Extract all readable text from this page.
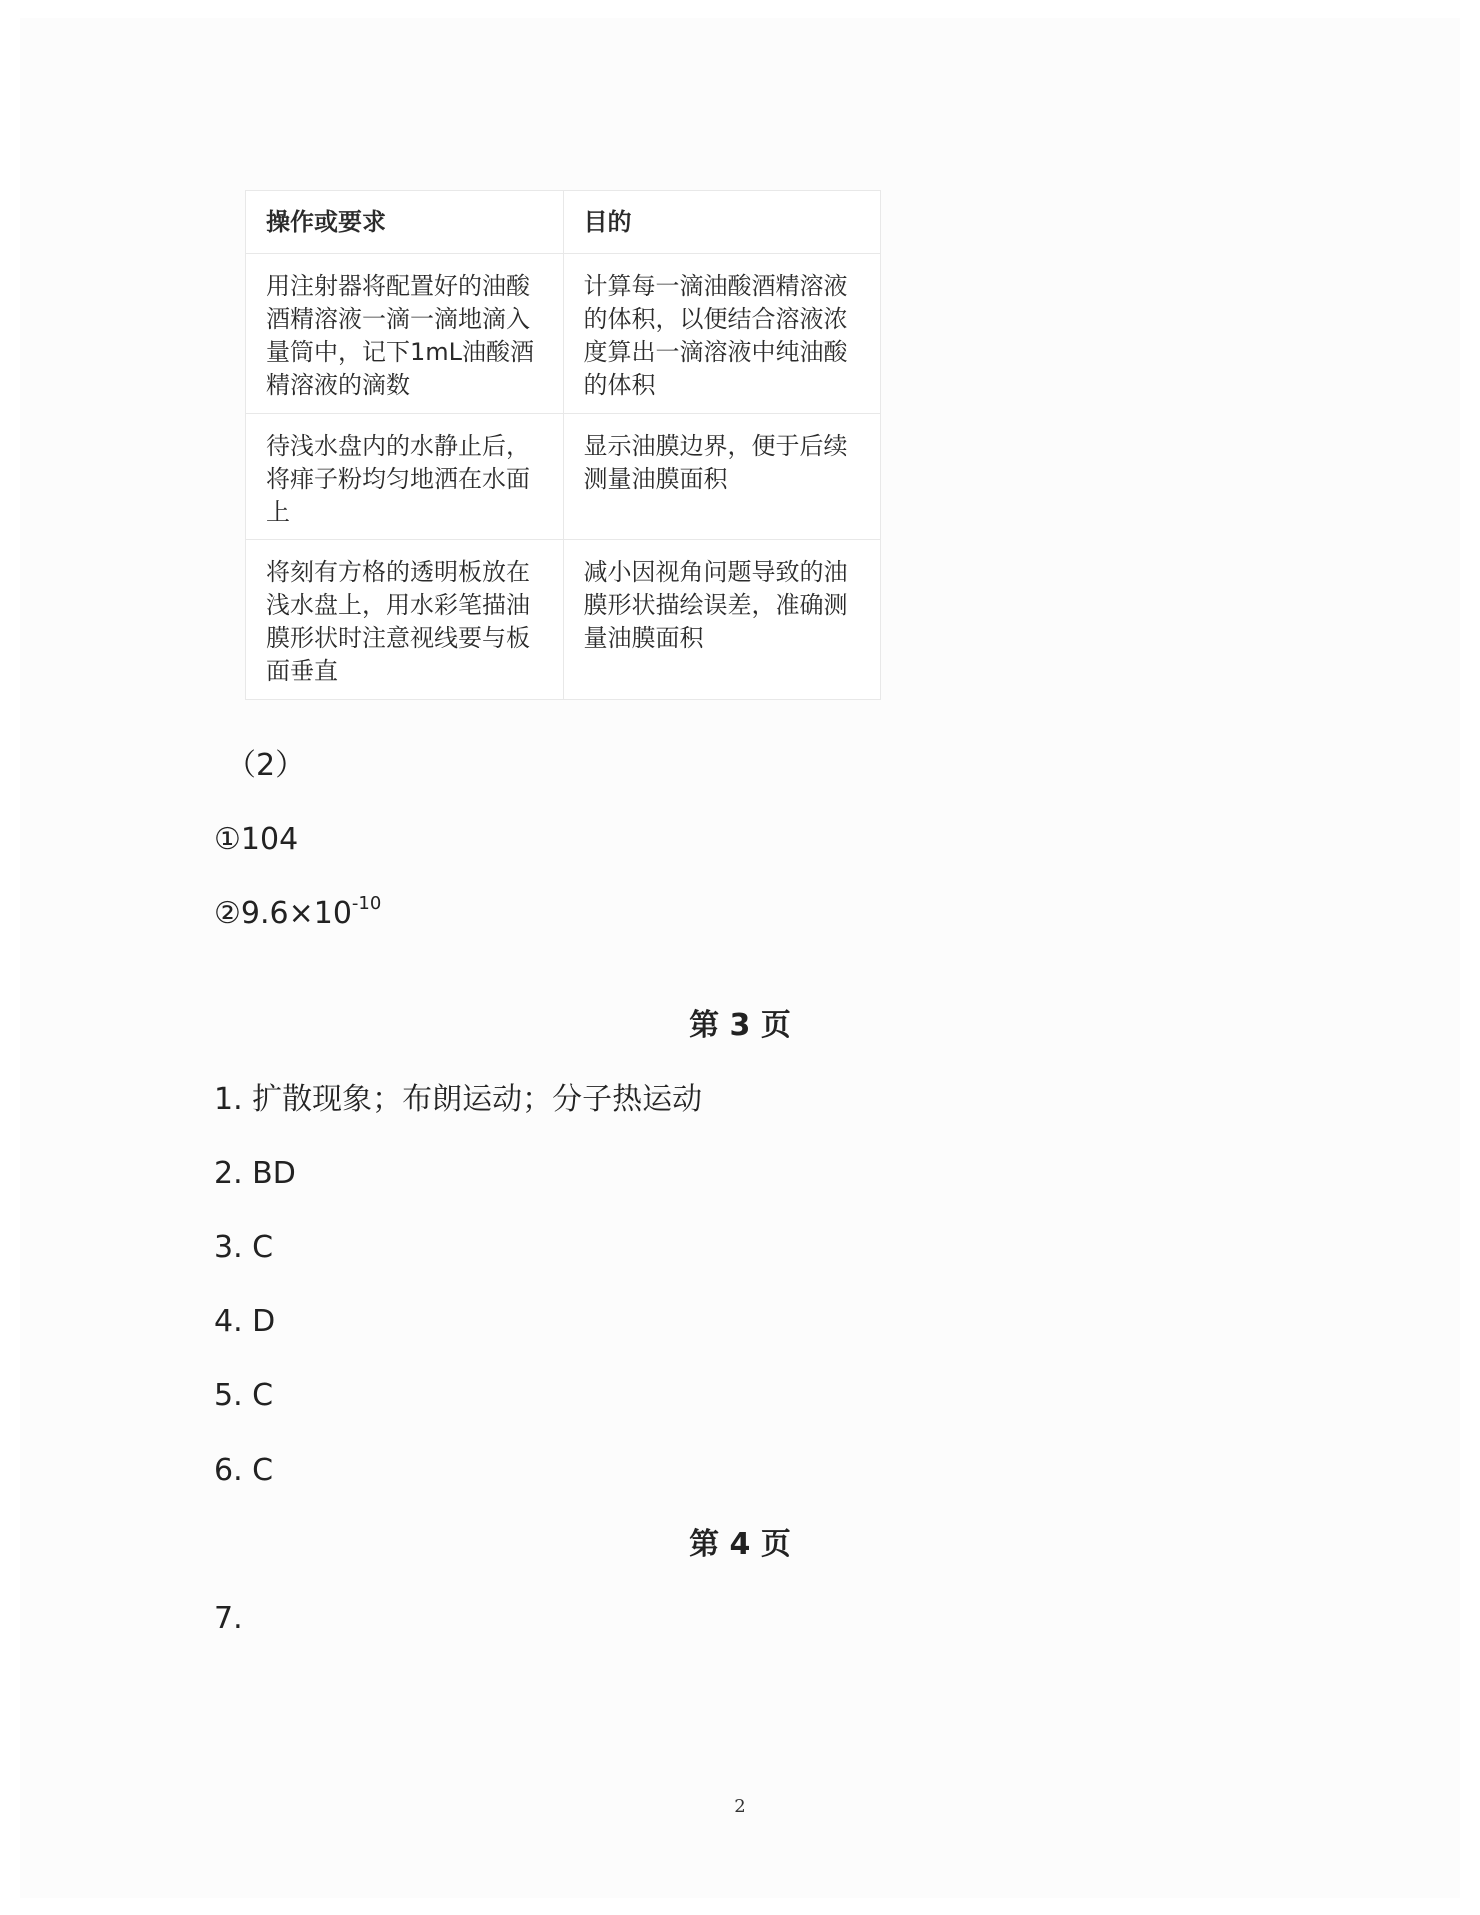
操作或要求	目的
用注射器将配置好的油酸酒精溶液一滴一滴地滴入量筒中，记下1mL油酸酒精溶液的滴数	计算每一滴油酸酒精溶液的体积，以便结合溶液浓度算出一滴溶液中纯油酸的体积
待浅水盘内的水静止后，将痱子粉均匀地洒在水面上	显示油膜边界，便于后续测量油膜面积
将刻有方格的透明板放在浅水盘上，用水彩笔描油膜形状时注意视线要与板面垂直	减小因视角问题导致的油膜形状描绘误差，准确测量油膜面积
（2）
①104
$②9.6\times 10^{-10}$
第 3 页
1. 扩散现象；布朗运动；分子热运动
2. BD
3. C
4. D
5. C
6. C
第 4 页
7.
2
